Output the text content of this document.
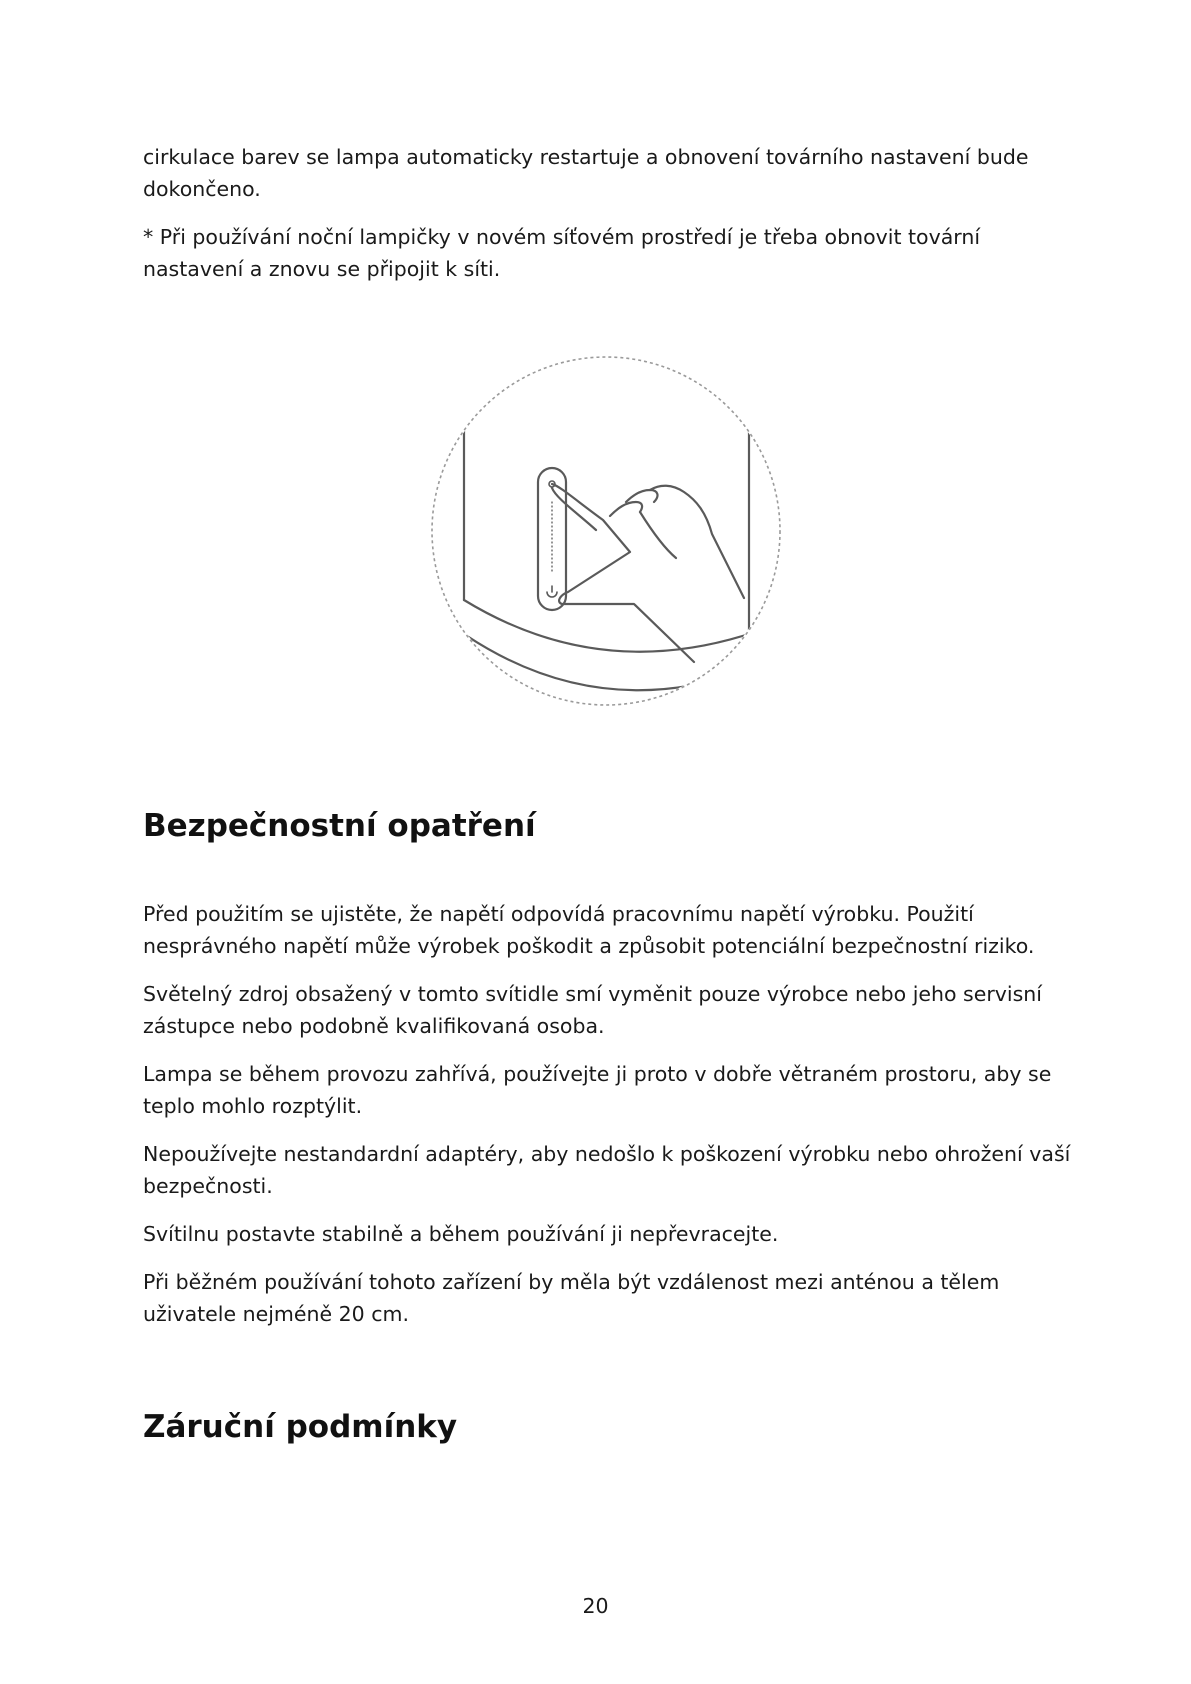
cirkulace barev se lampa automaticky restartuje a obnovení továrního nastavení bude dokončeno.

* Při používání noční lampičky v novém síťovém prostředí je třeba obnovit tovární nastavení a znovu se připojit k síti.

Bezpečnostní opatření

Před použitím se ujistěte, že napětí odpovídá pracovnímu napětí výrobku. Použití nesprávného napětí může výrobek poškodit a způsobit potenciální bezpečnostní riziko.

Světelný zdroj obsažený v tomto svítidle smí vyměnit pouze výrobce nebo jeho servisní zástupce nebo podobně kvalifikovaná osoba.

Lampa se během provozu zahřívá, používejte ji proto v dobře větraném prostoru, aby se teplo mohlo rozptýlit.

Nepoužívejte nestandardní adaptéry, aby nedošlo k poškození výrobku nebo ohrožení vaší bezpečnosti.

Svítilnu postavte stabilně a během používání ji nepřevracejte.

Při běžném používání tohoto zařízení by měla být vzdálenost mezi anténou a tělem uživatele nejméně 20 cm.

Záruční podmínky
20
